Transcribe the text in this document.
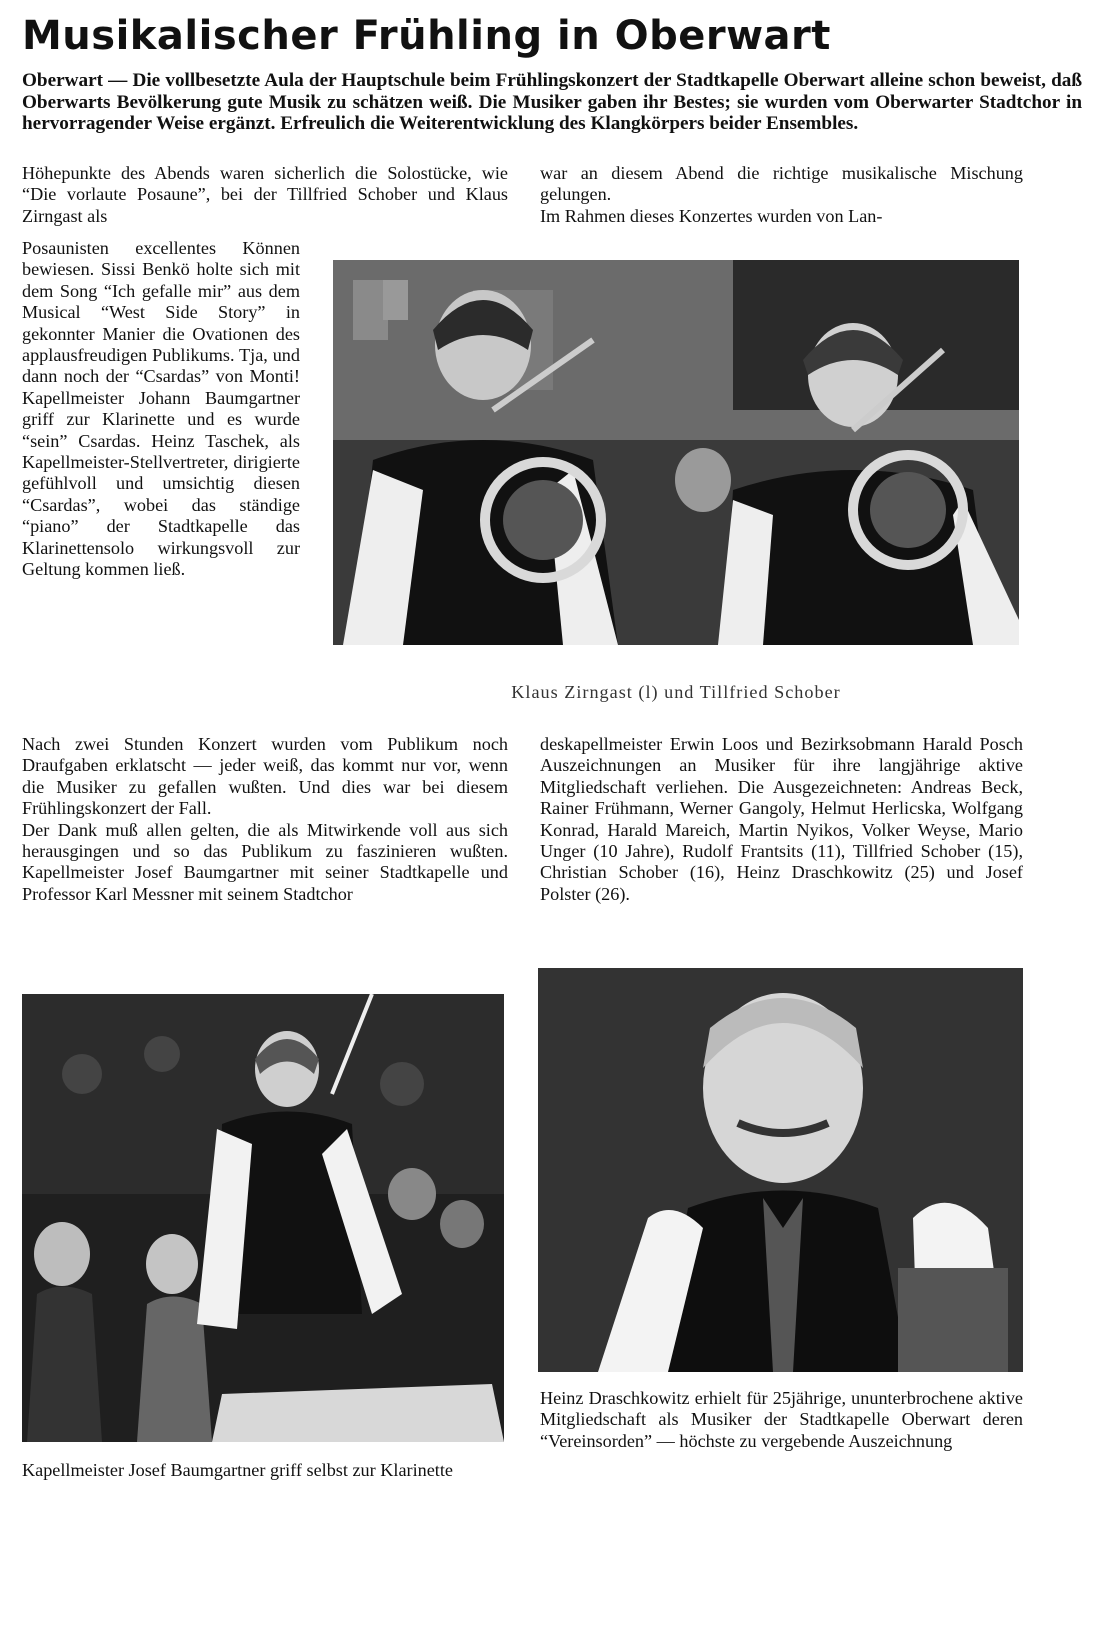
Musikalischer Frühling in Oberwart
Oberwart — Die vollbesetzte Aula der Hauptschule beim Frühlingskonzert der Stadtkapelle Oberwart alleine schon beweist, daß Oberwarts Bevölkerung gute Musik zu schätzen weiß. Die Musiker gaben ihr Bestes; sie wurden vom Oberwarter Stadtchor in hervorragender Weise ergänzt. Erfreulich die Weiterentwicklung des Klangkörpers beider Ensembles.

Höhepunkte des Abends waren sicherlich die Solostücke, wie “Die vorlaute Posaune”, bei der Tillfried Schober und Klaus Zirngast als

war an diesem Abend die richtige musikalische Mischung gelungen.

Im Rahmen dieses Konzertes wurden von Lan-

Posaunisten excellentes Können bewiesen. Sissi Benkö holte sich mit dem Song “Ich gefalle mir” aus dem Musical “West Side Story” in gekonnter Manier die Ovationen des applausfreudigen Publikums. Tja, und dann noch der “Csardas” von Monti! Kapellmeister Johann Baumgartner griff zur Klarinette und es wurde “sein” Csardas. Heinz Taschek, als Kapellmeister-Stellvertreter, dirigierte gefühlvoll und umsichtig diesen “Csardas”, wobei das ständige “piano” der Stadtkapelle das Klarinettensolo wirkungsvoll zur Geltung kommen ließ.

Klaus Zirngast (l) und Tillfried Schober

Nach zwei Stunden Konzert wurden vom Publikum noch Draufgaben erklatscht — jeder weiß, das kommt nur vor, wenn die Musiker zu gefallen wußten. Und dies war bei diesem Frühlingskonzert der Fall.

Der Dank muß allen gelten, die als Mitwirkende voll aus sich herausgingen und so das Publikum zu faszinieren wußten. Kapellmeister Josef Baumgartner mit seiner Stadtkapelle und Professor Karl Messner mit seinem Stadtchor

deskapellmeister Erwin Loos und Bezirksobmann Harald Posch Auszeichnungen an Musiker für ihre langjährige aktive Mitgliedschaft verliehen. Die Ausgezeichneten: Andreas Beck, Rainer Frühmann, Werner Gangoly, Helmut Herlicska, Wolfgang Konrad, Harald Mareich, Martin Nyikos, Volker Weyse, Mario Unger (10 Jahre), Rudolf Frantsits (11), Tillfried Schober (15), Christian Schober (16), Heinz Draschkowitz (25) und Josef Polster (26).

Kapellmeister Josef Baumgartner griff selbst zur Klarinette
Heinz Draschkowitz erhielt für 25jährige, ununterbrochene aktive Mitgliedschaft als Musiker der Stadtkapelle Oberwart deren “Vereinsorden” — höchste zu vergebende Auszeichnung
